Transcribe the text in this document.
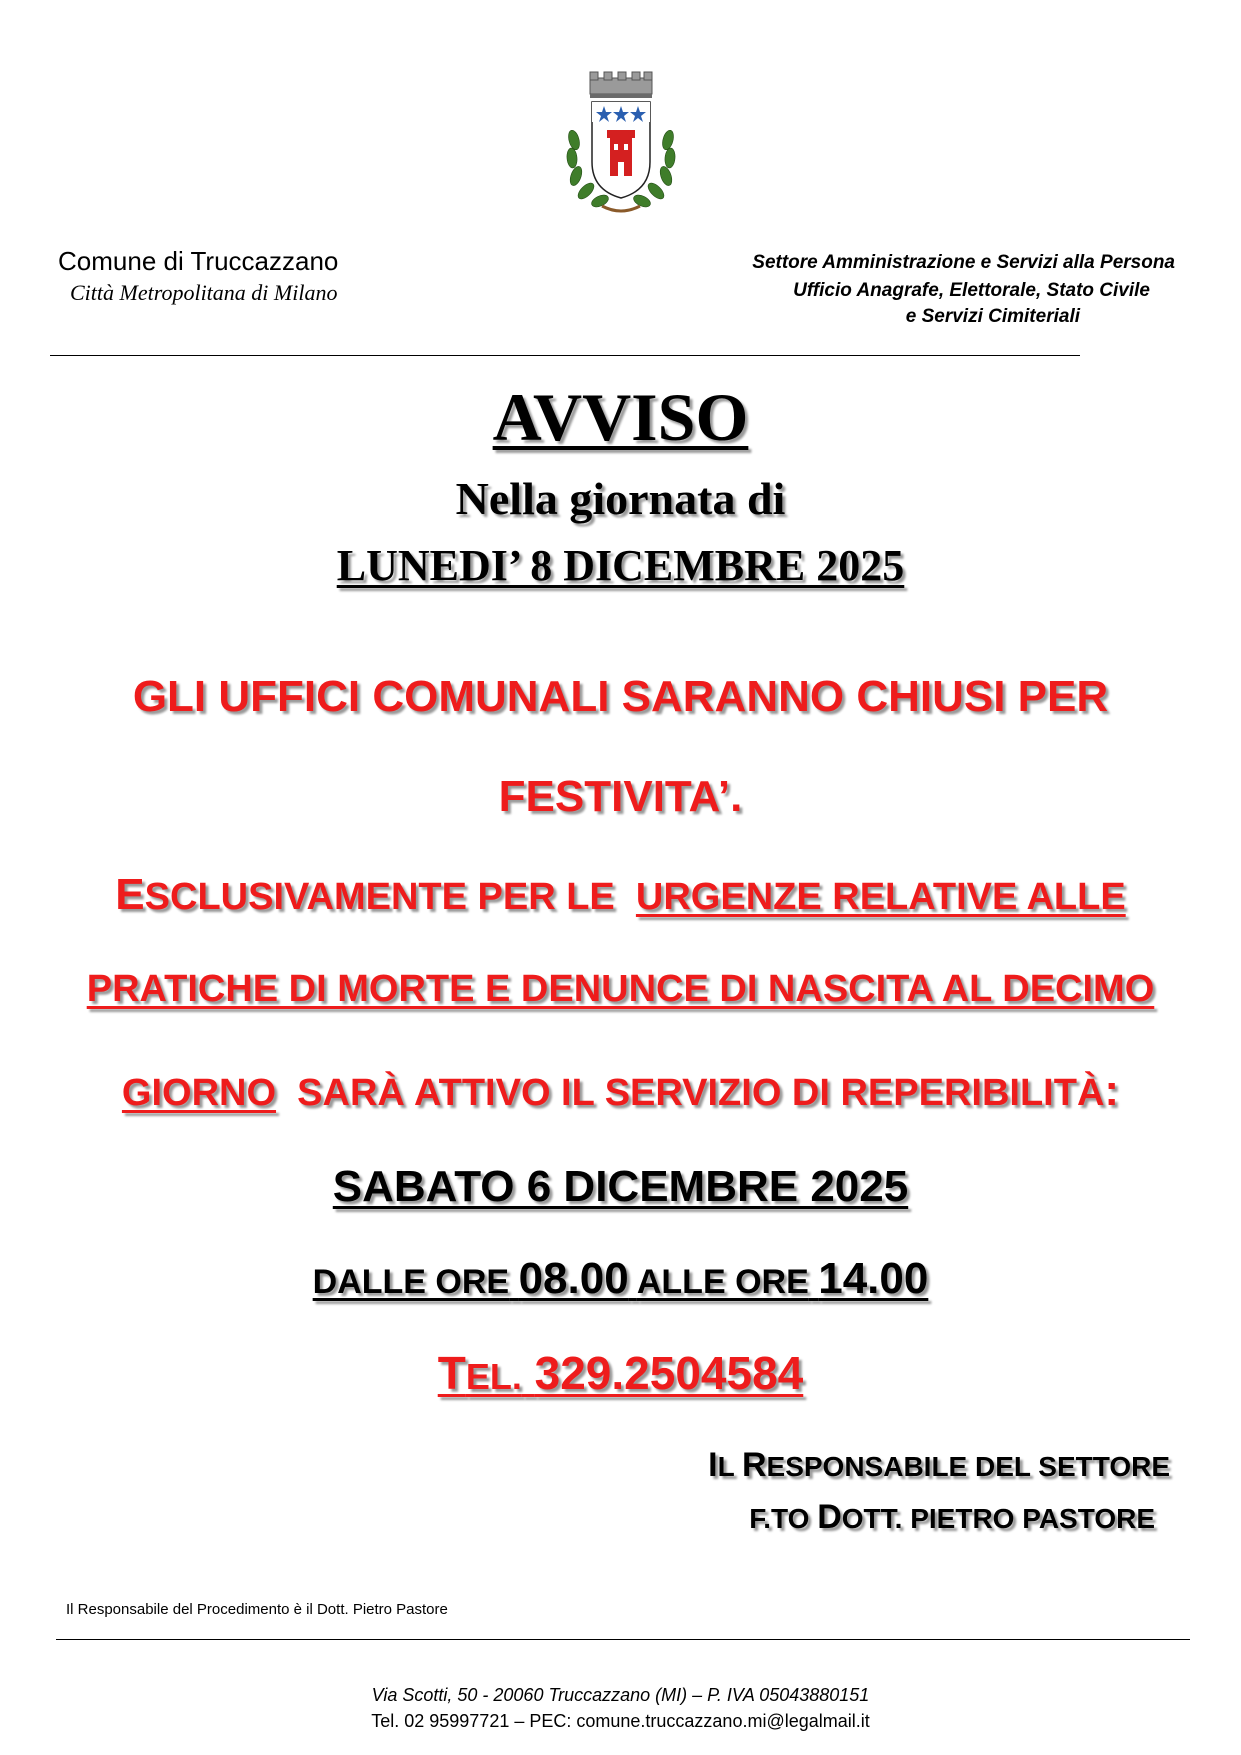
Comune di Truccazzano
Città Metropolitana di Milano
Settore Amministrazione e Servizi alla Persona
Ufficio Anagrafe, Elettorale, Stato Civile
e Servizi Cimiteriali
AVVISO
Nella giornata di
LUNEDI’ 8 DICEMBRE 2025
GLI UFFICI COMUNALI SARANNO CHIUSI PER
FESTIVITA’.
ESCLUSIVAMENTE PER LE URGENZE RELATIVE ALLE
PRATICHE DI MORTE E DENUNCE DI NASCITA AL DECIMO
GIORNO SARÀ ATTIVO IL SERVIZIO DI REPERIBILITÀ:
SABATO 6 DICEMBRE 2025
DALLE ORE 08.00 ALLE ORE 14.00
TEL. 329.2504584
IL RESPONSABILE DEL SETTORE
F.TO DOTT. PIETRO PASTORE
Il Responsabile del Procedimento è il Dott. Pietro Pastore
Via Scotti, 50 - 20060 Truccazzano (MI) – P. IVA 05043880151
Tel. 02 95997721 – PEC: comune.truccazzano.mi@legalmail.it
